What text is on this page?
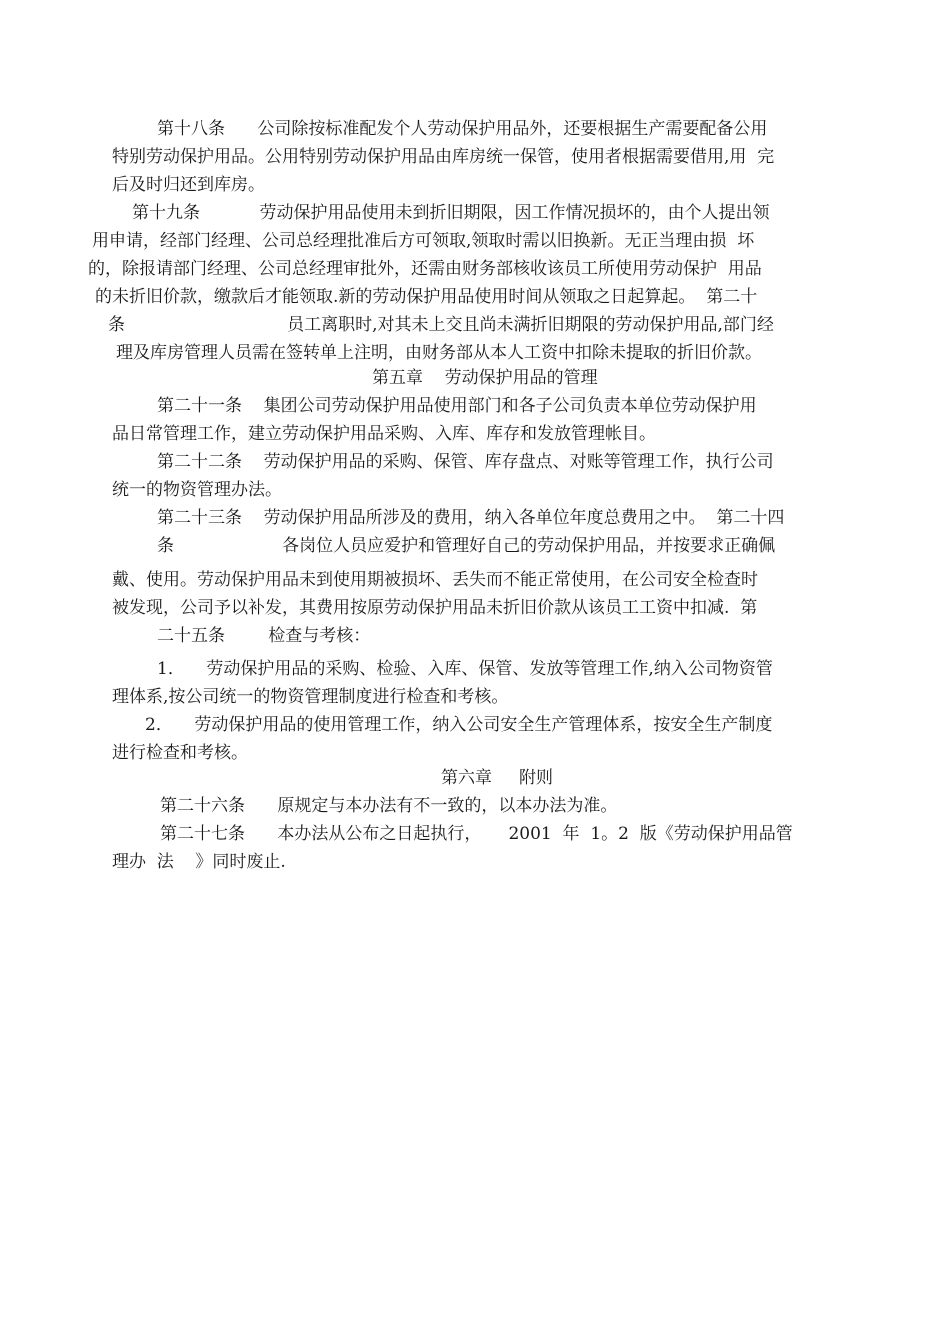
第十八条      公司除按标准配发个人劳动保护用品外，还要根据生产需要配备公用
特别劳动保护用品。公用特别劳动保护用品由库房统一保管，使用者根据需要借用,用  完
后及时归还到库房。
第十九条           劳动保护用品使用未到折旧期限，因工作情况损坏的，由个人提出领
用申请，经部门经理、公司总经理批准后方可领取,领取时需以旧换新。无正当理由损  坏
的，除报请部门经理、公司总经理审批外，还需由财务部核收该员工所使用劳动保护  用品
的未折旧价款，缴款后才能领取.新的劳动保护用品使用时间从领取之日起算起。  第二十
条                              员工离职时,对其未上交且尚未满折旧期限的劳动保护用品,部门经
理及库房管理人员需在签转单上注明，由财务部从本人工资中扣除未提取的折旧价款。
第五章    劳动保护用品的管理
第二十一条    集团公司劳动保护用品使用部门和各子公司负责本单位劳动保护用
品日常管理工作，建立劳动保护用品采购、入库、库存和发放管理帐目。
第二十二条    劳动保护用品的采购、保管、库存盘点、对账等管理工作，执行公司
统一的物资管理办法。
第二十三条    劳动保护用品所涉及的费用，纳入各单位年度总费用之中。  第二十四
条                    各岗位人员应爱护和管理好自己的劳动保护用品，并按要求正确佩
戴、使用。劳动保护用品未到使用期被损坏、丢失而不能正常使用，在公司安全检查时
被发现，公司予以补发，其费用按原劳动保护用品未折旧价款从该员工工资中扣减.  第
二十五条        检查与考核：
1．    劳动保护用品的采购、检验、入库、保管、发放等管理工作,纳入公司物资管
理体系,按公司统一的物资管理制度进行检查和考核。
2．    劳动保护用品的使用管理工作，纳入公司安全生产管理体系，按安全生产制度
进行检查和考核。
第六章     附则
第二十六条      原规定与本办法有不一致的，以本办法为准。
第二十七条      本办法从公布之日起执行，     2001  年  1。2  版《劳动保护用品管
理办  法    》同时废止.
